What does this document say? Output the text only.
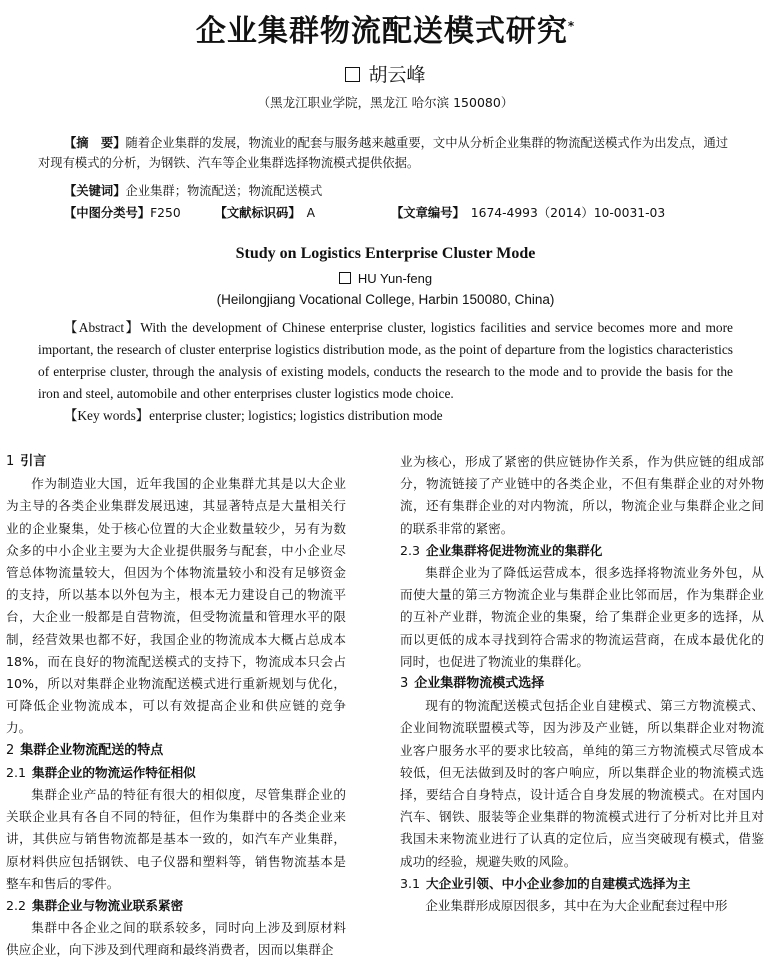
企业集群物流配送模式研究*
胡云峰
（黑龙江职业学院，黑龙江 哈尔滨 150080）
【摘　要】随着企业集群的发展，物流业的配套与服务越来越重要，文中从分析企业集群的物流配送模式作为出发点，通过对现有模式的分析，为钢铁、汽车等企业集群选择物流模式提供依据。
【关键词】企业集群；物流配送；物流配送模式
【中图分类号】F250	【文献标识码】 A	【文章编号】 1674-4993（2014）10-0031-03
Study on Logistics Enterprise Cluster Mode
HU Yun-feng
(Heilongjiang Vocational College, Harbin 150080, China)
【Abstract】With the development of Chinese enterprise cluster, logistics facilities and service becomes more and more important, the research of cluster enterprise logistics distribution mode, as the point of departure from the logistics characteristics of enterprise cluster, through the analysis of existing models, conducts the research to the mode and to provide the basis for the iron and steel, automobile and other enterprises cluster logistics mode choice.
【Key words】enterprise cluster; logistics; logistics distribution mode
1 引言

作为制造业大国，近年我国的企业集群尤其是以大企业为主导的各类企业集群发展迅速，其显著特点是大量相关行业的企业聚集，处于核心位置的大企业数量较少，另有为数众多的中小企业主要为大企业提供服务与配套，中小企业尽管总体物流量较大，但因为个体物流量较小和没有足够资金的支持，所以基本以外包为主，根本无力建设自己的物流平台，大企业一般都是自营物流，但受物流量和管理水平的限制，经营效果也都不好，我国企业的物流成本大概占总成本18%，而在良好的物流配送模式的支持下，物流成本只会占10%，所以对集群企业物流配送模式进行重新规划与优化，可降低企业物流成本，可以有效提高企业和供应链的竞争力。

2 集群企业物流配送的特点
2.1 集群企业的物流运作特征相似

集群企业产品的特征有很大的相似度，尽管集群企业的关联企业具有各自不同的特征，但作为集群中的各类企业来讲，其供应与销售物流都是基本一致的，如汽车产业集群，原材料供应包括钢铁、电子仪器和塑料等，销售物流基本是整车和售后的零件。

2.2 集群企业与物流业联系紧密

集群中各企业之间的联系较多，同时向上涉及到原材料供应企业，向下涉及到代理商和最终消费者，因而以集群企

业为核心，形成了紧密的供应链协作关系，作为供应链的组成部分，物流链接了产业链中的各类企业，不但有集群企业的对外物流，还有集群企业的对内物流，所以，物流企业与集群企业之间的联系非常的紧密。

2.3 企业集群将促进物流业的集群化

集群企业为了降低运营成本，很多选择将物流业务外包，从而使大量的第三方物流企业与集群企业比邻而居，作为集群企业的互补产业群，物流企业的集聚，给了集群企业更多的选择，从而以更低的成本寻找到符合需求的物流运营商，在成本最优化的同时，也促进了物流业的集群化。

3 企业集群物流模式选择

现有的物流配送模式包括企业自建模式、第三方物流模式、企业间物流联盟模式等，因为涉及产业链，所以集群企业对物流业客户服务水平的要求比较高，单纯的第三方物流模式尽管成本较低，但无法做到及时的客户响应，所以集群企业的物流模式选择，要结合自身特点，设计适合自身发展的物流模式。在对国内汽车、钢铁、服装等企业集群的物流模式进行了分析对比并且对我国未来物流业进行了认真的定位后，应当突破现有模式，借鉴成功的经验，规避失败的风险。

3.1 大企业引领、中小企业参加的自建模式选择为主

企业集群形成原因很多，其中在为大企业配套过程中形
